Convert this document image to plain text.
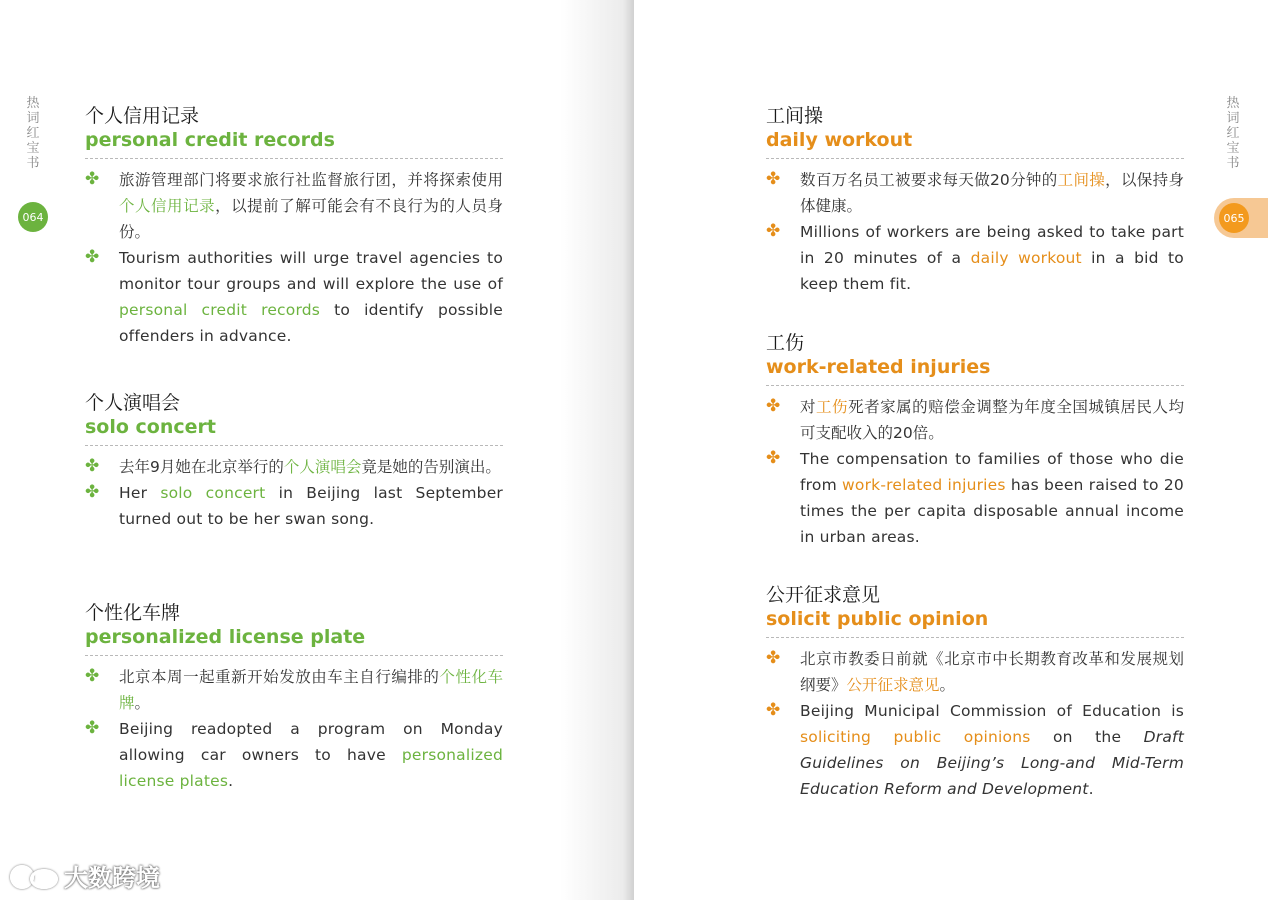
热
词
红
宝
书
064
个人信用记录
personal credit records
✤ 旅游管理部门将要求旅行社监督旅行团，并将探索使用个人信用记录，以提前了解可能会有不良行为的人员身份。
✤ Tourism authorities will urge travel agencies to monitor tour groups and will explore the use of personal credit records to identify possible offenders in advance.
个人演唱会
solo concert
✤ 去年9月她在北京举行的个人演唱会竟是她的告别演出。
✤ Her solo concert in Beijing last September turned out to be her swan song.
个性化车牌
personalized license plate
✤ 北京本周一起重新开始发放由车主自行编排的个性化车牌。
✤ Beijing readopted a program on Monday allowing car owners to have personalized license plates.
热
词
红
宝
书
065
工间操
daily workout
✤ 数百万名员工被要求每天做20分钟的工间操，以保持身体健康。
✤ Millions of workers are being asked to take part in 20 minutes of a daily workout in a bid to keep them fit.
工伤
work-related injuries
✤ 对工伤死者家属的赔偿金调整为年度全国城镇居民人均可支配收入的20倍。
✤ The compensation to families of those who die from work-related injuries has been raised to 20 times the per capita disposable annual income in urban areas.
公开征求意见
solicit public opinion
✤ 北京市教委日前就《北京市中长期教育改革和发展规划纲要》公开征求意见。
✤ Beijing Municipal Commission of Education is soliciting public opinions on the Draft Guidelines on Beijing’s Long-and Mid-Term Education Reform and Development.
大数跨境
